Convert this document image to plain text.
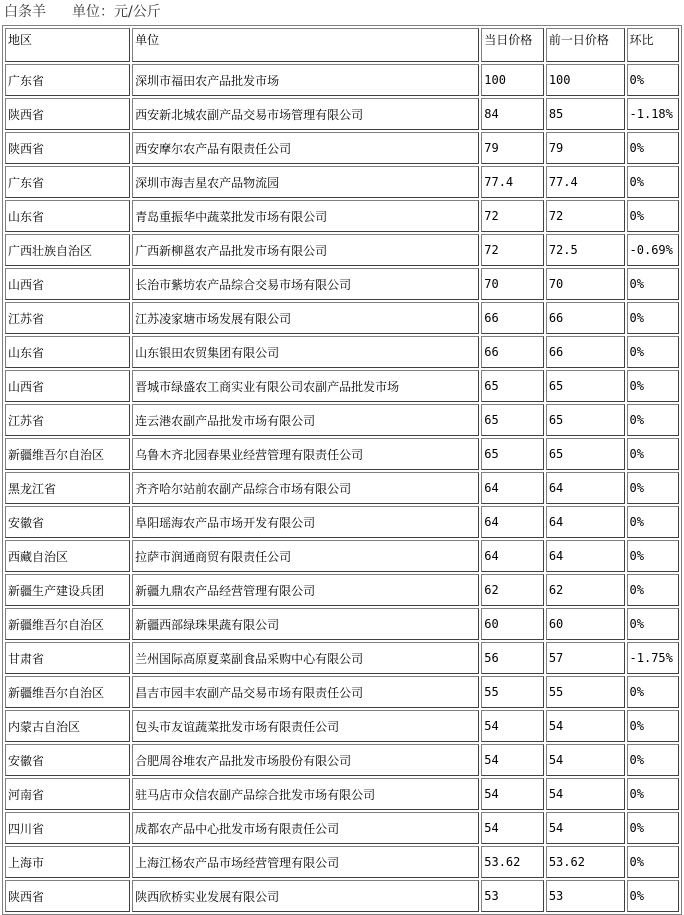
白条羊 单位：元/公斤
地区	单位	当日价格	前一日价格	环比
广东省	深圳市福田农产品批发市场	100	100	0%
陕西省	西安新北城农副产品交易市场管理有限公司	84	85	-1.18%
陕西省	西安摩尔农产品有限责任公司	79	79	0%
广东省	深圳市海吉星农产品物流园	77.4	77.4	0%
山东省	青岛重振华中蔬菜批发市场有限公司	72	72	0%
广西壮族自治区	广西新柳邕农产品批发市场有限公司	72	72.5	-0.69%
山西省	长治市紫坊农产品综合交易市场有限公司	70	70	0%
江苏省	江苏凌家塘市场发展有限公司	66	66	0%
山东省	山东银田农贸集团有限公司	66	66	0%
山西省	晋城市绿盛农工商实业有限公司农副产品批发市场	65	65	0%
江苏省	连云港农副产品批发市场有限公司	65	65	0%
新疆维吾尔自治区	乌鲁木齐北园春果业经营管理有限责任公司	65	65	0%
黑龙江省	齐齐哈尔站前农副产品综合市场有限公司	64	64	0%
安徽省	阜阳瑶海农产品市场开发有限公司	64	64	0%
西藏自治区	拉萨市润通商贸有限责任公司	64	64	0%
新疆生产建设兵团	新疆九鼎农产品经营管理有限公司	62	62	0%
新疆维吾尔自治区	新疆西部绿珠果蔬有限公司	60	60	0%
甘肃省	兰州国际高原夏菜副食品采购中心有限公司	56	57	-1.75%
新疆维吾尔自治区	昌吉市园丰农副产品交易市场有限责任公司	55	55	0%
内蒙古自治区	包头市友谊蔬菜批发市场有限责任公司	54	54	0%
安徽省	合肥周谷堆农产品批发市场股份有限公司	54	54	0%
河南省	驻马店市众信农副产品综合批发市场有限公司	54	54	0%
四川省	成都农产品中心批发市场有限责任公司	54	54	0%
上海市	上海江杨农产品市场经营管理有限公司	53.62	53.62	0%
陕西省	陕西欣桥实业发展有限公司	53	53	0%
